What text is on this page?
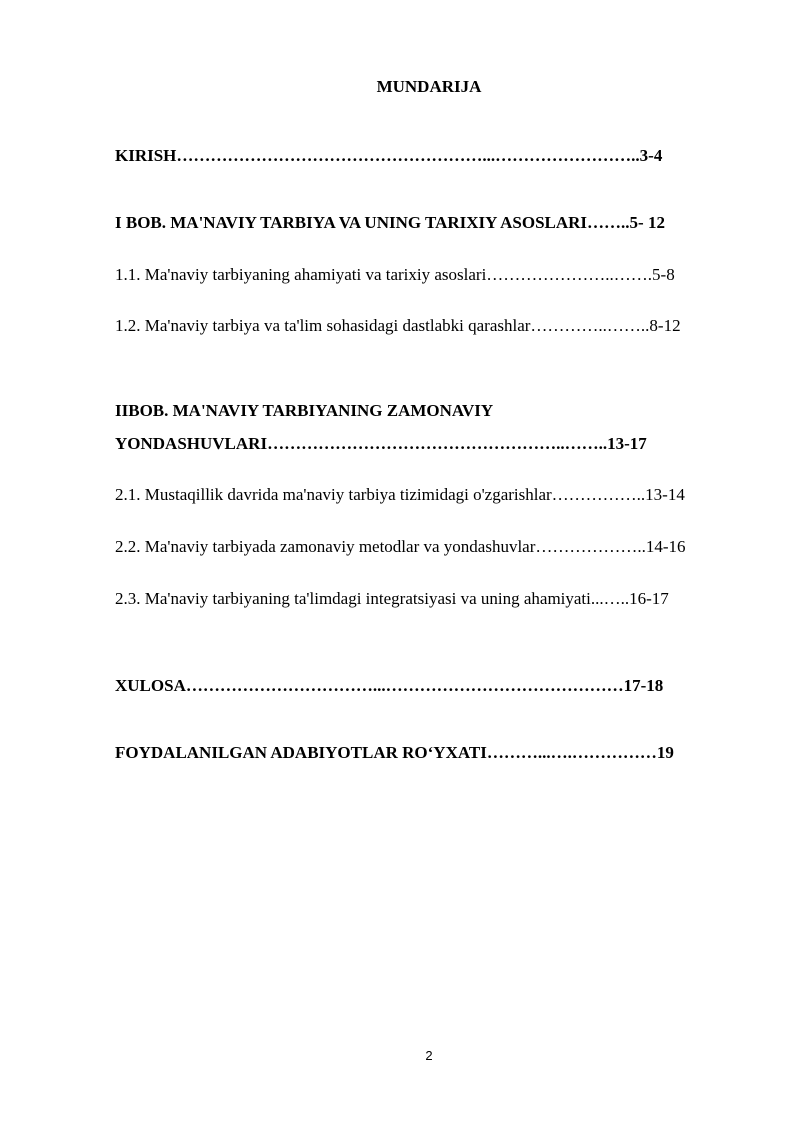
MUNDARIJA
KIRISH………………………………………………...……………………..3-4
I BOB. MA'NAVIY TARBIYA VA UNING TARIXIY ASOSLARI……..5- 12
1.1. Ma'naviy tarbiyaning ahamiyati va tarixiy asoslari…………………..…….5-8
1.2. Ma'naviy tarbiya va ta'lim sohasidagi dastlabki qarashlar…………..……..8-12
IIBOB. MA'NAVIY TARBIYANING ZAMONAVIY
YONDASHUVLARI……………………………………………..……..13-17
2.1. Mustaqillik davrida ma'naviy tarbiya tizimidagi o'zgarishlar……………..13-14
2.2. Ma'naviy tarbiyada zamonaviy metodlar va yondashuvlar………………..14-16
2.3. Ma'naviy tarbiyaning ta'limdagi integratsiyasi va uning ahamiyati...…..16-17
XULOSA……………………………...……………………………………17-18
FOYDALANILGAN ADABIYOTLAR RO‘YXATI………...….……………19
2
